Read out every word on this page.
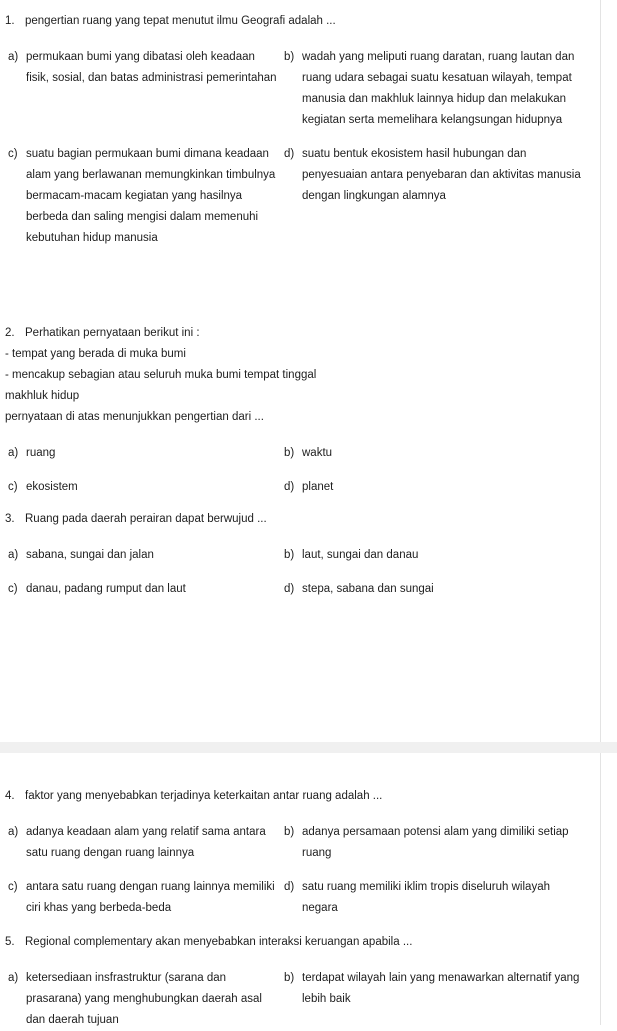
1. pengertian ruang yang tepat menutut ilmu Geografi adalah ...
a) permukaan bumi yang dibatasi oleh keadaan fisik, sosial, dan batas administrasi pemerintahan
b) wadah yang meliputi ruang daratan, ruang lautan dan ruang udara sebagai suatu kesatuan wilayah, tempat manusia dan makhluk lainnya hidup dan melakukan kegiatan serta memelihara kelangsungan hidupnya
c) suatu bagian permukaan bumi dimana keadaan alam yang berlawanan memungkinkan timbulnya bermacam-macam kegiatan yang hasilnya berbeda dan saling mengisi dalam memenuhi kebutuhan hidup manusia
d) suatu bentuk ekosistem hasil hubungan dan penyesuaian antara penyebaran dan aktivitas manusia dengan lingkungan alamnya
2. Perhatikan pernyataan berikut ini :
- tempat yang berada di muka bumi
- mencakup sebagian atau seluruh muka bumi tempat tinggal makhluk hidup
pernyataan di atas menunjukkan pengertian dari ...
a) ruang	b) waktu
c) ekosistem	d) planet
3. Ruang pada daerah perairan dapat berwujud ...
a) sabana, sungai dan jalan	b) laut, sungai dan danau
c) danau, padang rumput dan laut	d) stepa, sabana dan sungai
4. faktor yang menyebabkan terjadinya keterkaitan antar ruang adalah ...
a) adanya keadaan alam yang relatif sama antara satu ruang dengan ruang lainnya
b) adanya persamaan potensi alam yang dimiliki setiap ruang
c) antara satu ruang dengan ruang lainnya memiliki ciri khas yang berbeda-beda
d) satu ruang memiliki iklim tropis diseluruh wilayah negara
5. Regional complementary akan menyebabkan interaksi keruangan apabila ...
a) ketersediaan insfrastruktur (sarana dan prasarana) yang menghubungkan daerah asal dan daerah tujuan
b) terdapat wilayah lain yang menawarkan alternatif yang lebih baik
